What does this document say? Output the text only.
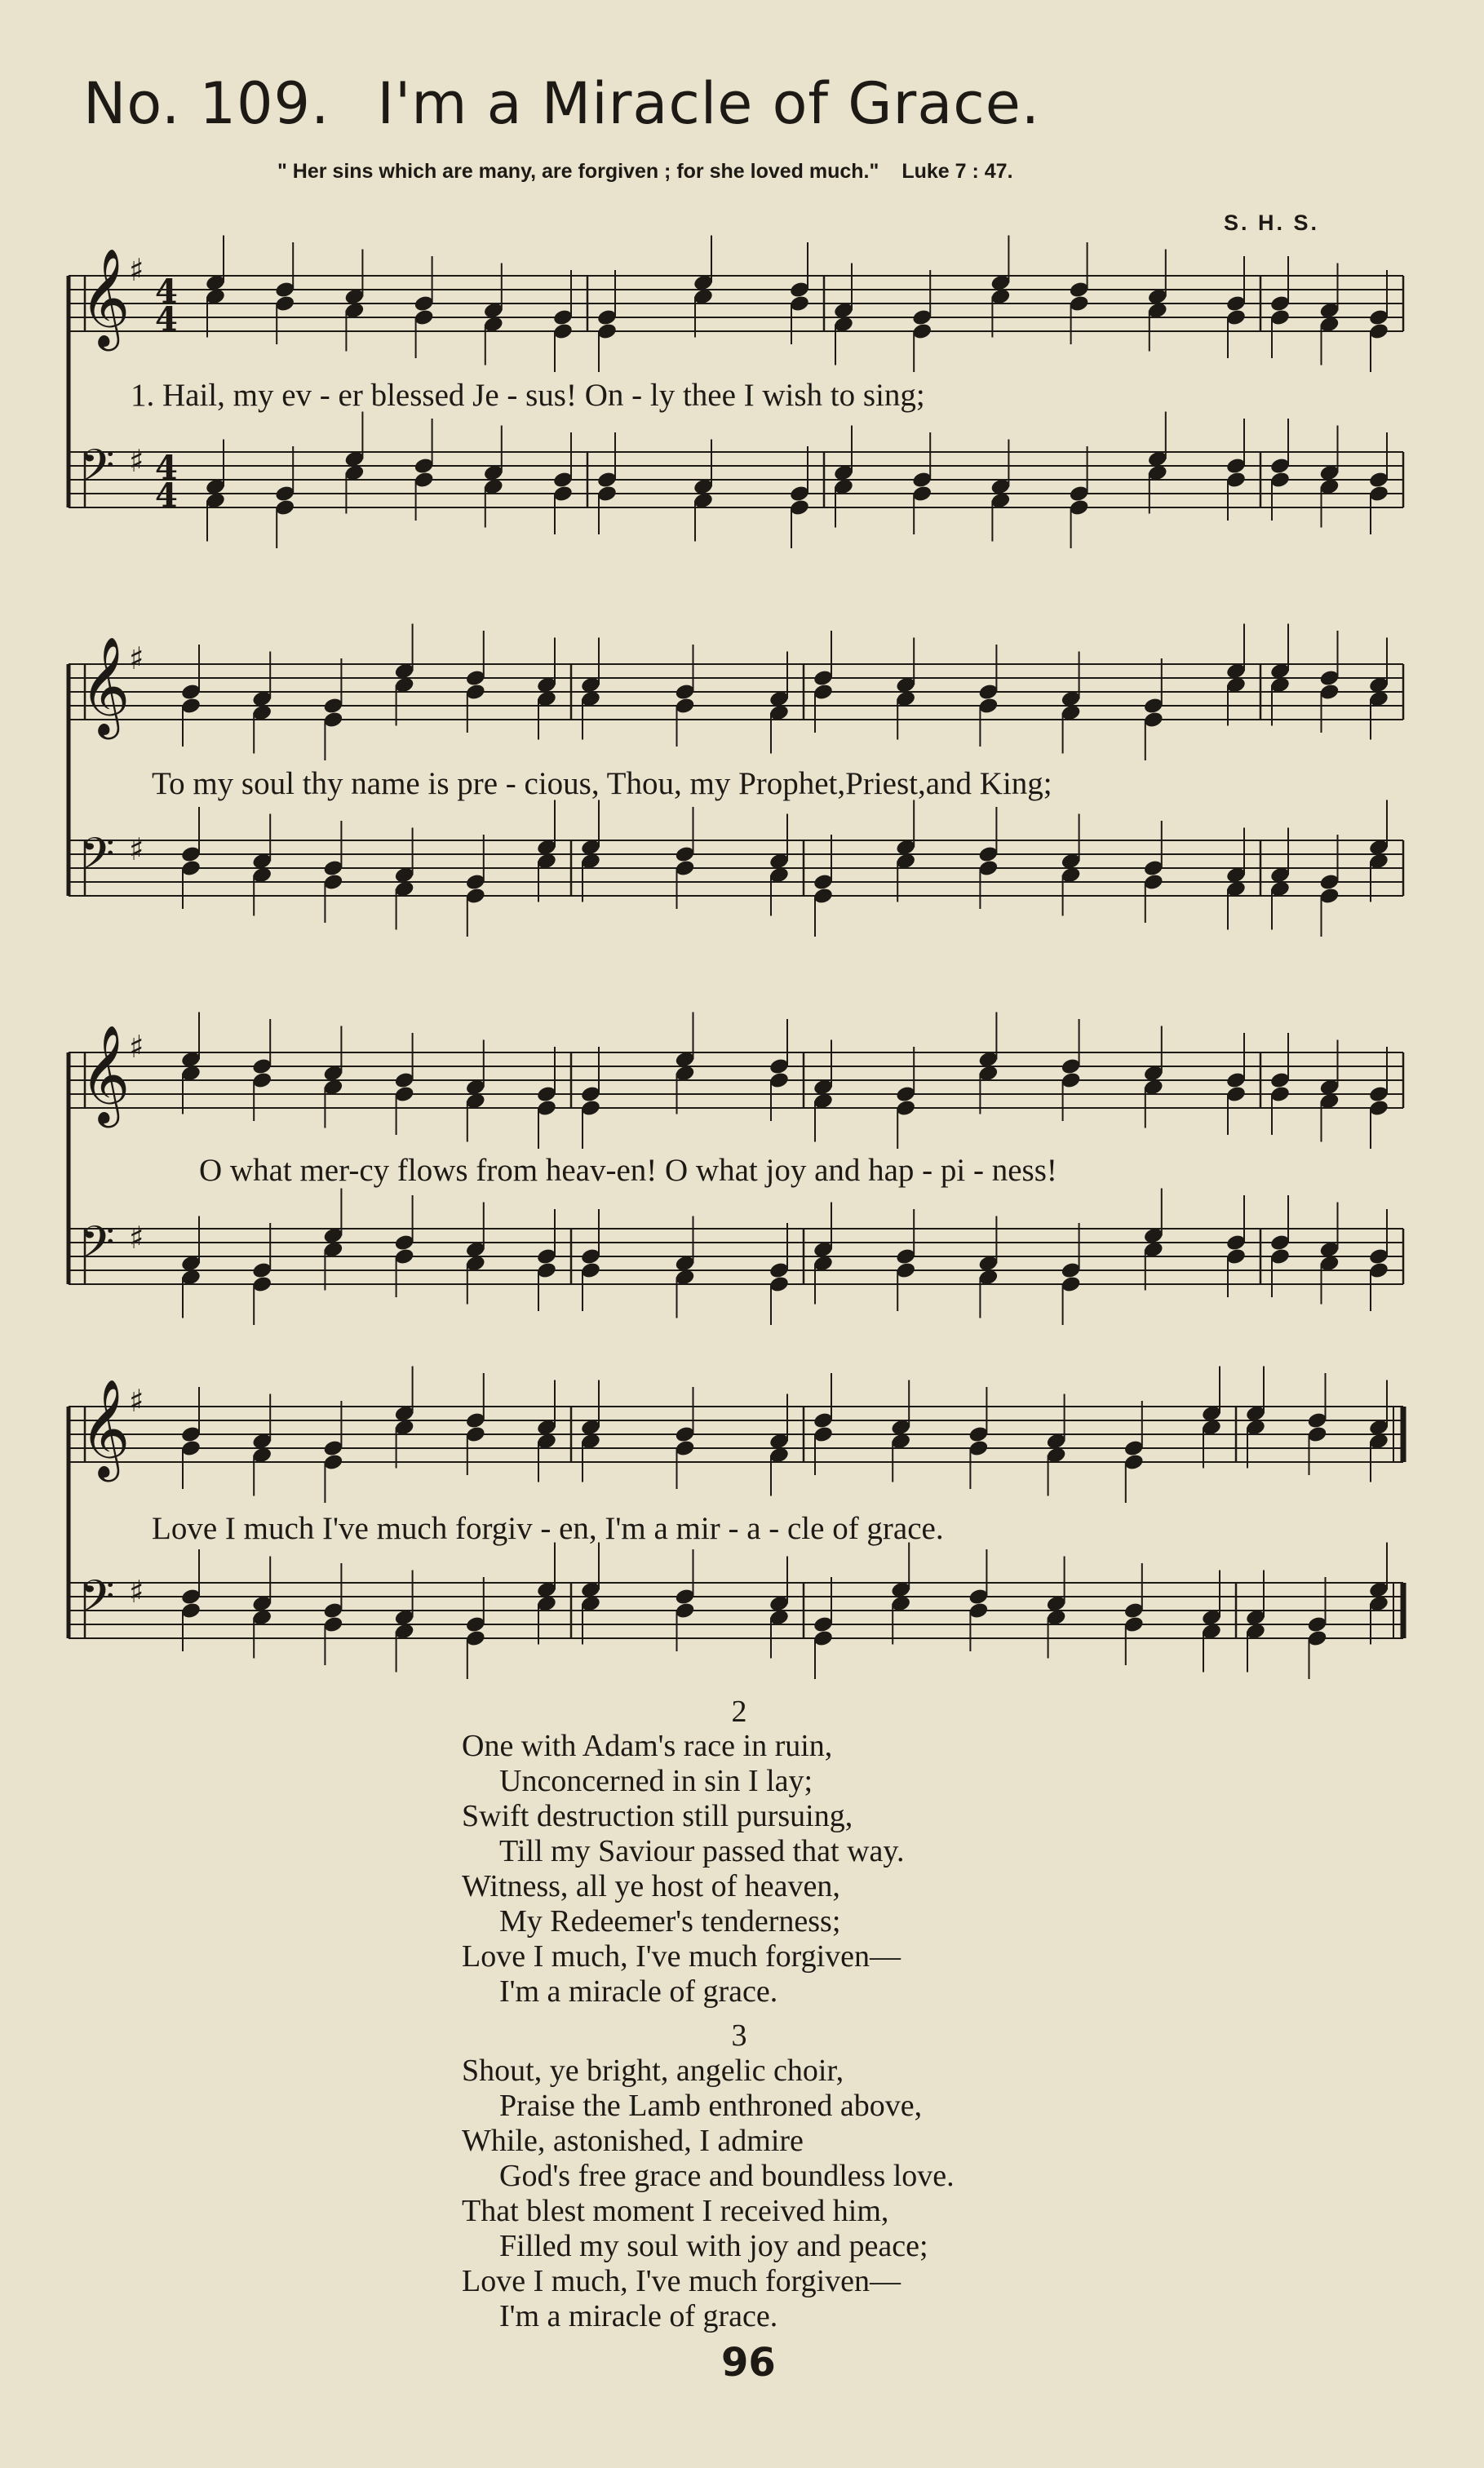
No. 109. I'm a Miracle of Grace.
" Her sins which are many, are forgiven ; for she loved much." Luke 7 : 47.
S. H. S.
𝄞
♯
4
4
𝄢 ♯ 4
4
𝄞
♯
𝄢 ♯
𝄞
♯
𝄢 ♯
𝄞
♯
𝄢 ♯
1. Hail, my ev - er blessed Je - sus! On - ly thee I wish to sing;
To my soul thy name is pre - cious, Thou, my Prophet,Priest,and King;
O what mer-cy flows from heav-en! O what joy and hap - pi - ness!
Love I much I've much forgiv - en, I'm a mir - a - cle of grace.
2
One with Adam's race in ruin,
Unconcerned in sin I lay;
Swift destruction still pursuing,
Till my Saviour passed that way.
Witness, all ye host of heaven,
My Redeemer's tenderness;
Love I much, I've much forgiven—
I'm a miracle of grace.
3
Shout, ye bright, angelic choir,
Praise the Lamb enthroned above,
While, astonished, I admire
God's free grace and boundless love.
That blest moment I received him,
Filled my soul with joy and peace;
Love I much, I've much forgiven—
I'm a miracle of grace.
96
